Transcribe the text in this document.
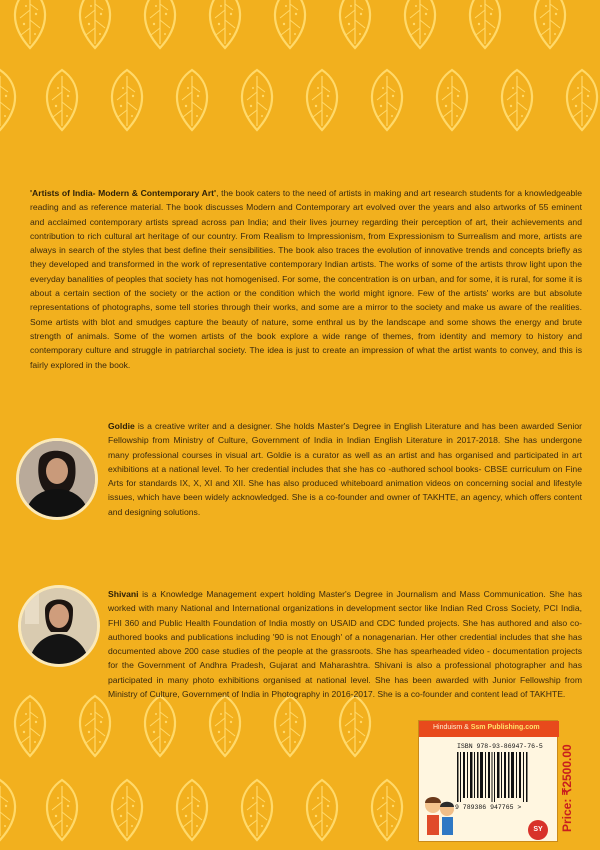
'Artists of India- Modern & Contemporary Art', the book caters to the need of artists in making and art research students for a knowledgeable reading and as reference material. The book discusses Modern and Contemporary art evolved over the years and also artworks of 55 eminent and acclaimed contemporary artists spread across pan India; and their lives journey regarding their perception of art, their achievements and contribution to rich cultural art heritage of our country. From Realism to Impressionism, from Expressionism to Surrealism and more, artists are always in search of the styles that best define their sensibilities. The book also traces the evolution of innovative trends and concepts briefly as they developed and transformed in the work of representative contemporary Indian artists. The works of some of the artists throw light upon the everyday banalities of peoples that society has not homogenised. For some, the concentration is on urban, and for some, it is rural, for some it is about a certain section of the society or the action or the condition which the world might ignore. Few of the artists' works are but absolute representations of photographs, some tell stories through their works, and some are a mirror to the society and make us aware of the realities. Some artists with blot and smudges capture the beauty of nature, some enthral us by the landscape and some shows the energy and brute strength of animals. Some of the women artists of the book explore a wide range of themes, from identity and memory to history and contemporary culture and struggle in patriarchal society. The idea is just to create an impression of what the artist wants to convey, and this is fairly explored in the book.

Goldie is a creative writer and a designer. She holds Master's Degree in English Literature and has been awarded Senior Fellowship from Ministry of Culture, Government of India in Indian English Literature in 2017-2018. She has undergone many professional courses in visual art. Goldie is a curator as well as an artist and has organised and participated in art exhibitions at a national level. To her credential includes that she has co -authored school books- CBSE curriculum on Fine Arts for standards IX, X, XI and XII. She has also produced whiteboard animation videos on concerning social and lifestyle issues, which have been widely acknowledged. She is a co-founder and owner of TAKHTE, an agency, which offers content and designing solutions.

Shivani is a Knowledge Management expert holding Master's Degree in Journalism and Mass Communication. She has worked with many National and International organizations in development sector like Indian Red Cross Society, PCI India, FHI 360 and Public Health Foundation of India mostly on USAID and CDC funded projects. She has authored and also co-authored books and publications including '90 is not Enough' of a nonagenarian. Her other credential includes that she has documented above 200 case studies of the people at the grassroots. She has spearheaded video - documentation projects for the Government of Andhra Pradesh, Gujarat and Maharashtra. Shivani is also a professional photographer and has participated in many photo exhibitions organised at national level. She has been awarded with Junior Fellowship from Ministry of Culture, Government of India in Photography in 2016-2017. She is a co-founder and content lead of TAKHTE.

Hinduism & Ssm Publishing.com
ISBN 978-93-86947-76-5
9 789386 947765 >
SY	Price: ₹2500.00
